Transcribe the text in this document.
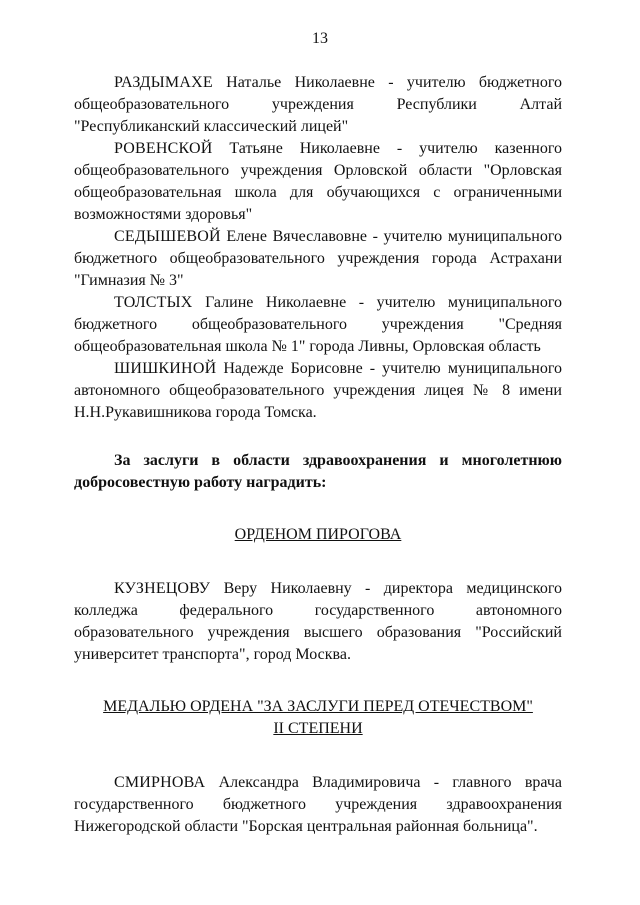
13

РАЗДЫМАХЕ Наталье Николаевне - учителю бюджетного общеобразовательного учреждения Республики Алтай "Республиканский классический лицей"

РОВЕНСКОЙ Татьяне Николаевне - учителю казенного общеобразовательного учреждения Орловской области "Орловская общеобразовательная школа для обучающихся с ограниченными возможностями здоровья"

СЕДЫШЕВОЙ Елене Вячеславовне - учителю муниципального бюджетного общеобразовательного учреждения города Астрахани "Гимназия № 3"

ТОЛСТЫХ Галине Николаевне - учителю муниципального бюджетного общеобразовательного учреждения "Средняя общеобразовательная школа № 1" города Ливны, Орловская область

ШИШКИНОЙ Надежде Борисовне - учителю муниципального автономного общеобразовательного учреждения лицея № 8 имени Н.Н.Рукавишникова города Томска.

За заслуги в области здравоохранения и многолетнюю добросовестную работу наградить:

ОРДЕНОМ ПИРОГОВА

КУЗНЕЦОВУ Веру Николаевну - директора медицинского колледжа федерального государственного автономного образовательного учреждения высшего образования "Российский университет транспорта", город Москва.

МЕДАЛЬЮ ОРДЕНА "ЗА ЗАСЛУГИ ПЕРЕД ОТЕЧЕСТВОМ"
II СТЕПЕНИ

СМИРНОВА Александра Владимировича - главного врача государственного бюджетного учреждения здравоохранения Нижегородской области "Борская центральная районная больница".
